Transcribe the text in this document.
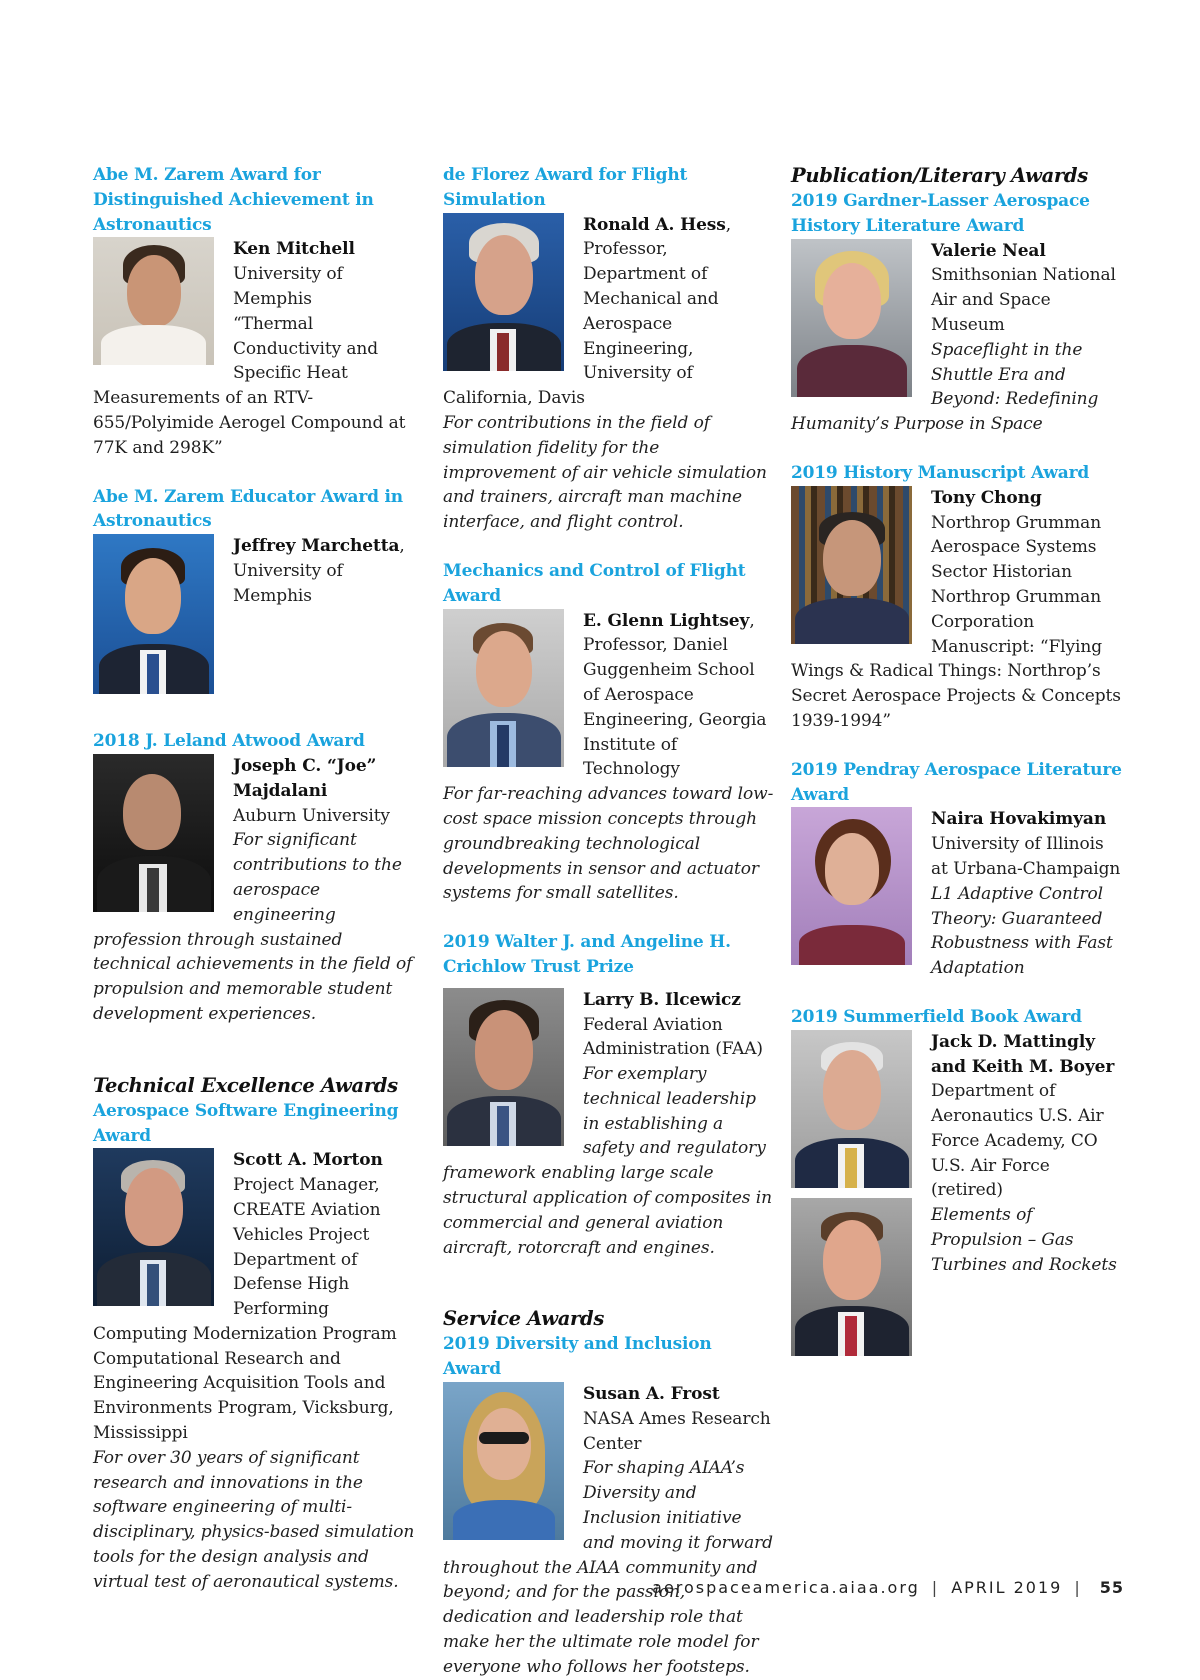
Abe M. Zarem Award for Distinguished Achievement in Astronautics

Ken Mitchell

University of Memphis

“Thermal Conductivity and Specific Heat Measurements of an RTV-655/Polyimide Aerogel Compound at 77K and 298K”

Abe M. Zarem Educator Award in Astronautics

Jeffrey Marchetta, University of Memphis

2018 J. Leland Atwood Award

Joseph C. “Joe” Majdalani

Auburn University

For significant contributions to the aerospace engineering profession through sustained technical achievements in the field of propulsion and memorable student development experiences.

Technical Excellence Awards

Aerospace Software Engineering Award

Scott A. Morton

Project Manager, CREATE Aviation Vehicles Project Department of Defense High Performing Computing Modernization Program Computational Research and Engineering Acquisition Tools and Environments Program, Vicksburg, Mississippi

For over 30 years of significant research and innovations in the software engineering of multi-disciplinary, physics-based simulation tools for the design analysis and virtual test of aeronautical systems.

de Florez Award for Flight Simulation

Ronald A. Hess, Professor, Department of Mechanical and Aerospace Engineering, University of California, Davis

For contributions in the field of simulation fidelity for the improvement of air vehicle simulation and trainers, aircraft man machine interface, and flight control.

Mechanics and Control of Flight Award

E. Glenn Lightsey, Professor, Daniel Guggenheim School of Aerospace Engineering, Georgia Institute of Technology

For far-reaching advances toward low-cost space mission concepts through groundbreaking technological developments in sensor and actuator systems for small satellites.

2019 Walter J. and Angeline H. Crichlow Trust Prize

Larry B. Ilcewicz

Federal Aviation Administration (FAA)

For exemplary technical leadership in establishing a safety and regulatory framework enabling large scale structural application of composites in commercial and general aviation aircraft, rotorcraft and engines.

Service Awards

2019 Diversity and Inclusion Award

Susan A. Frost

NASA Ames Research Center

For shaping AIAA’s Diversity and Inclusion initiative and moving it forward throughout the AIAA community and beyond; and for the passion, dedication and leadership role that make her the ultimate role model for everyone who follows her footsteps.

Publication/Literary Awards

2019 Gardner-Lasser Aerospace History Literature Award

Valerie Neal

Smithsonian National Air and Space Museum

Spaceflight in the Shuttle Era and Beyond: Redefining Humanity’s Purpose in Space

2019 History Manuscript Award

Tony Chong

Northrop Grumman Aerospace Systems Sector Historian Northrop Grumman Corporation Manuscript: “Flying Wings & Radical Things: Northrop’s Secret Aerospace Projects & Concepts 1939-1994”

2019 Pendray Aerospace Literature Award

Naira Hovakimyan

University of Illinois at Urbana-Champaign

L1 Adaptive Control Theory: Guaranteed Robustness with Fast Adaptation

2019 Summerfield Book Award

Jack D. Mattingly and Keith M. Boyer

Department of Aeronautics U.S. Air Force Academy, CO U.S. Air Force (retired)

Elements of Propulsion – Gas Turbines and Rockets

aerospaceamerica.aiaa.org | APRIL 2019 | 55
